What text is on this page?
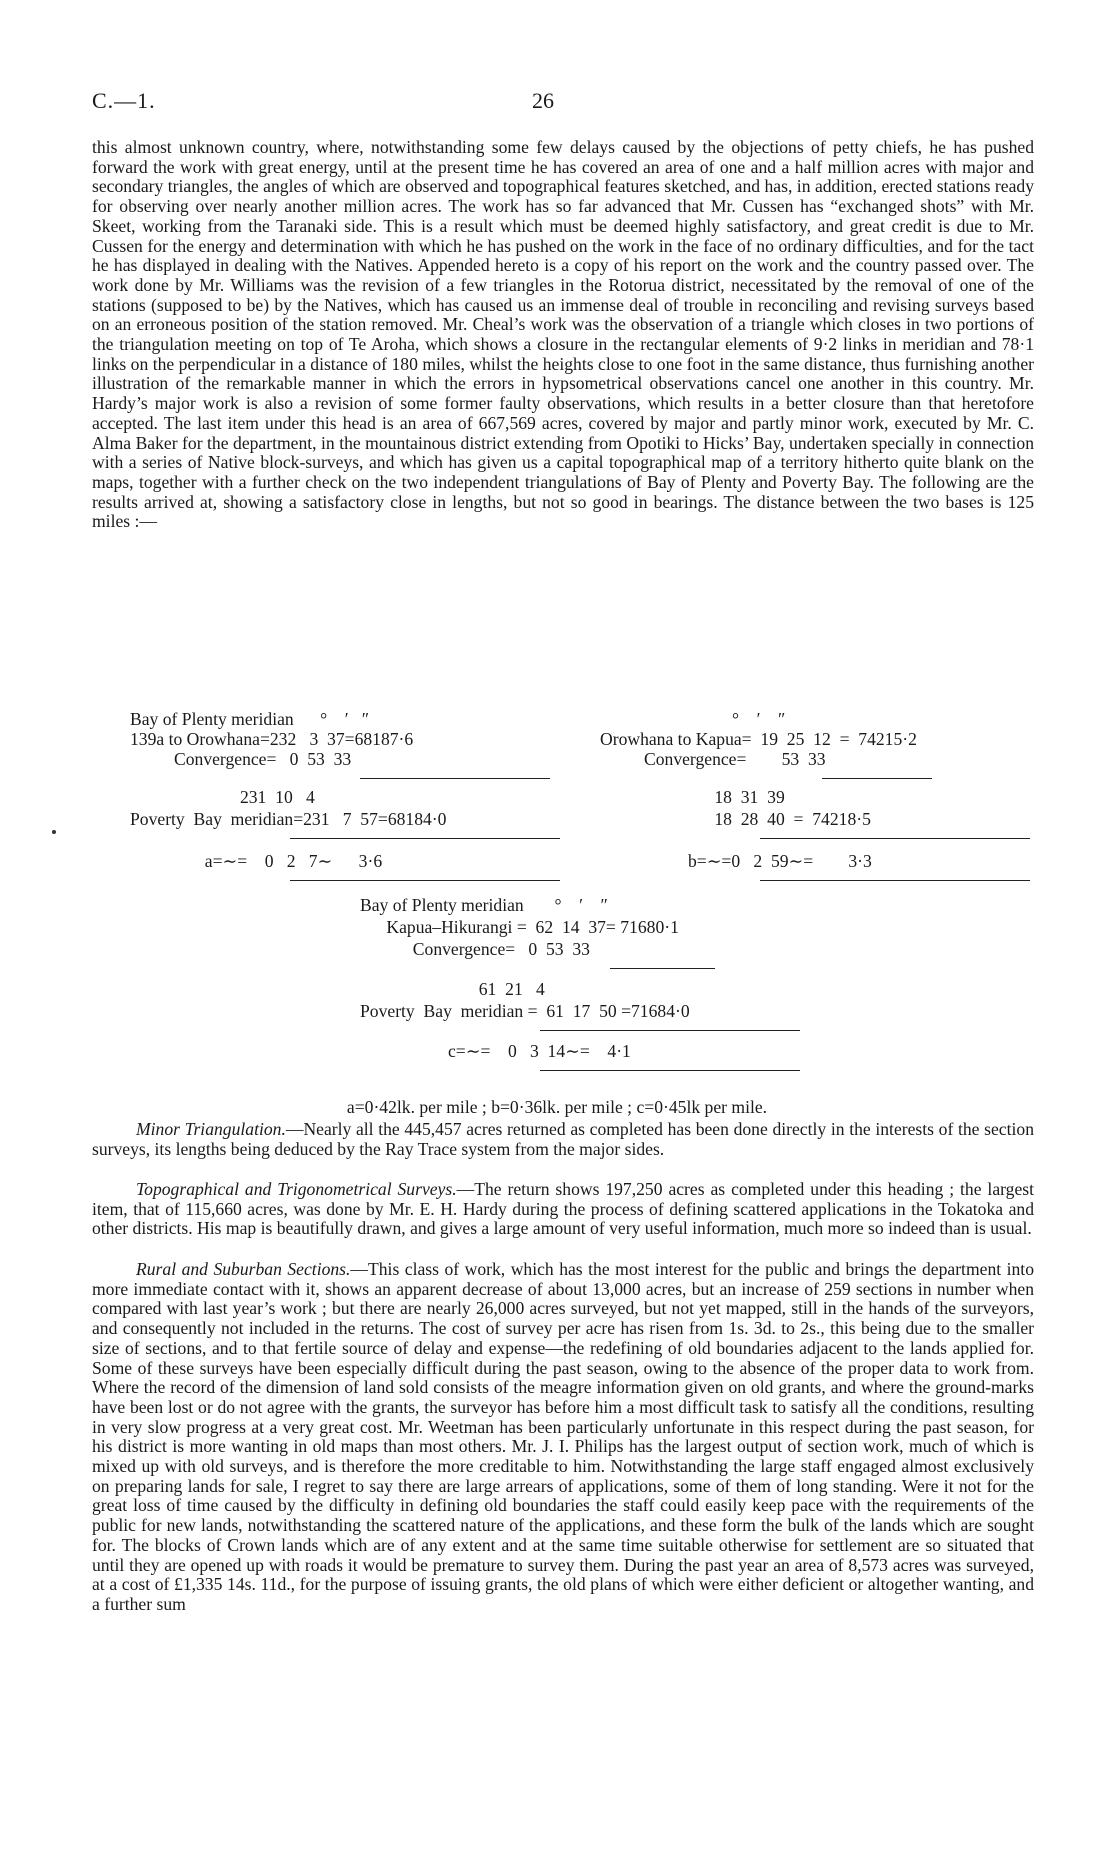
C.—1.	26

this almost unknown country, where, notwithstanding some few delays caused by the objections of petty chiefs, he has pushed forward the work with great energy, until at the present time he has covered an area of one and a half million acres with major and secondary triangles, the angles of which are observed and topographical features sketched, and has, in addition, erected stations ready for observing over nearly another million acres. The work has so far advanced that Mr. Cussen has “exchanged shots” with Mr. Skeet, working from the Taranaki side. This is a result which must be deemed highly satisfactory, and great credit is due to Mr. Cussen for the energy and determination with which he has pushed on the work in the face of no ordinary difficulties, and for the tact he has displayed in dealing with the Natives. Appended hereto is a copy of his report on the work and the country passed over. The work done by Mr. Williams was the revision of a few triangles in the Rotorua district, necessitated by the removal of one of the stations (supposed to be) by the Natives, which has caused us an immense deal of trouble in reconciling and revising surveys based on an erroneous position of the station removed. Mr. Cheal’s work was the observation of a triangle which closes in two portions of the triangulation meeting on top of Te Aroha, which shows a closure in the rectangular elements of 9·2 links in meridian and 78·1 links on the perpendicular in a distance of 180 miles, whilst the heights close to one foot in the same distance, thus furnishing another illustration of the remarkable manner in which the errors in hypsometrical observations cancel one another in this country. Mr. Hardy’s major work is also a revision of some former faulty observations, which results in a better closure than that heretofore accepted. The last item under this head is an area of 667,569 acres, covered by major and partly minor work, executed by Mr. C. Alma Baker for the department, in the mountainous district extending from Opotiki to Hicks’ Bay, undertaken specially in connection with a series of Native block-surveys, and which has given us a capital topographical map of a territory hitherto quite blank on the maps, together with a further check on the two independent triangulations of Bay of Plenty and Poverty Bay. The following are the results arrived at, showing a satisfactory close in lengths, but not so good in bearings. The distance between the two bases is 125 miles :—

Bay of Plenty meridian      °    ′   ″
139a to Orowhana=232   3  37=68187·6
Convergence=   0  53  33
231  10   4
Poverty  Bay  meridian=231   7  57=68184·0
a=∼=    0   2   7∼      3·6
°    ′    ″
Orowhana to Kapua=  19  25  12  =  74215·2
Convergence=        53  33
18  31  39
18  28  40  =  74218·5
b=∼=0   2  59∼=        3·3
Bay of Plenty meridian       °    ′    ″
Kapua–Hikurangi =  62  14  37= 71680·1
Convergence=   0  53  33
61  21   4
Poverty  Bay  meridian =  61  17  50 =71684·0
c=∼=    0   3  14∼=    4·1
a=0·42lk. per mile ; b=0·36lk. per mile ; c=0·45lk per mile.

Minor Triangulation.—Nearly all the 445,457 acres returned as completed has been done directly in the interests of the section surveys, its lengths being deduced by the Ray Trace system from the major sides.

Topographical and Trigonometrical Surveys.—The return shows 197,250 acres as completed under this heading ; the largest item, that of 115,660 acres, was done by Mr. E. H. Hardy during the process of defining scattered applications in the Tokatoka and other districts. His map is beautifully drawn, and gives a large amount of very useful information, much more so indeed than is usual.

Rural and Suburban Sections.—This class of work, which has the most interest for the public and brings the department into more immediate contact with it, shows an apparent decrease of about 13,000 acres, but an increase of 259 sections in number when compared with last year’s work ; but there are nearly 26,000 acres surveyed, but not yet mapped, still in the hands of the surveyors, and consequently not included in the returns. The cost of survey per acre has risen from 1s. 3d. to 2s., this being due to the smaller size of sections, and to that fertile source of delay and expense—the redefining of old boundaries adjacent to the lands applied for. Some of these surveys have been especially difficult during the past season, owing to the absence of the proper data to work from. Where the record of the dimension of land sold consists of the meagre information given on old grants, and where the ground-marks have been lost or do not agree with the grants, the surveyor has before him a most difficult task to satisfy all the conditions, resulting in very slow progress at a very great cost. Mr. Weetman has been particularly unfortunate in this respect during the past season, for his district is more wanting in old maps than most others. Mr. J. I. Philips has the largest output of section work, much of which is mixed up with old surveys, and is therefore the more creditable to him. Notwithstanding the large staff engaged almost exclusively on preparing lands for sale, I regret to say there are large arrears of applications, some of them of long standing. Were it not for the great loss of time caused by the difficulty in defining old boundaries the staff could easily keep pace with the requirements of the public for new lands, notwithstanding the scattered nature of the applications, and these form the bulk of the lands which are sought for. The blocks of Crown lands which are of any extent and at the same time suitable otherwise for settlement are so situated that until they are opened up with roads it would be premature to survey them. During the past year an area of 8,573 acres was surveyed, at a cost of £1,335 14s. 11d., for the purpose of issuing grants, the old plans of which were either deficient or altogether wanting, and a further sum
